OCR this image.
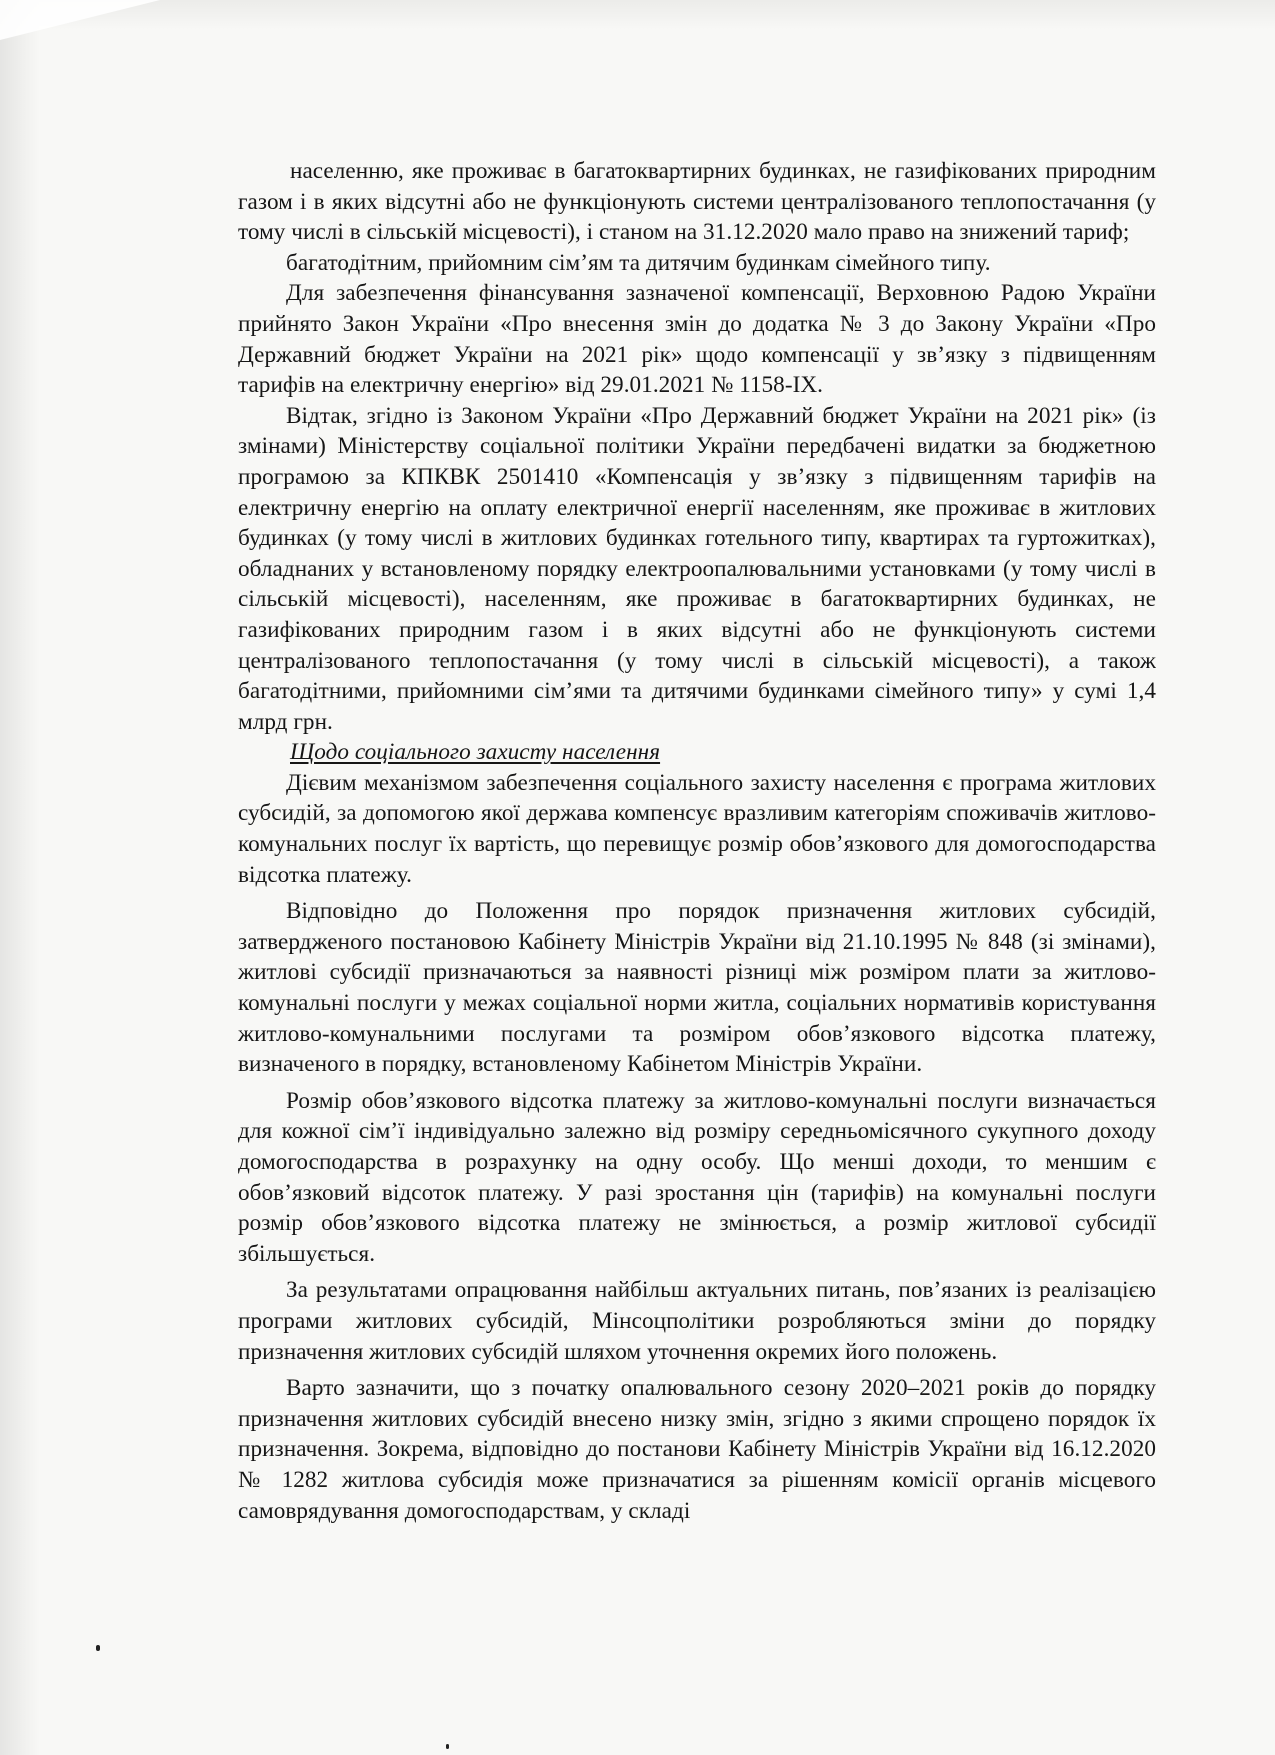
населенню, яке проживає в багатоквартирних будинках, не газифікованих природним газом і в яких відсутні або не функціонують системи централізованого теплопостачання (у тому числі в сільській місцевості), і станом на 31.12.2020 мало право на знижений тариф;

багатодітним, прийомним сім’ям та дитячим будинкам сімейного типу.

Для забезпечення фінансування зазначеної компенсації, Верховною Радою України прийнято Закон України «Про внесення змін до додатка № 3 до Закону України «Про Державний бюджет України на 2021 рік» щодо компенсації у зв’язку з підвищенням тарифів на електричну енергію» від 29.01.2021 № 1158-IX.

Відтак, згідно із Законом України «Про Державний бюджет України на 2021 рік» (із змінами) Міністерству соціальної політики України передбачені видатки за бюджетною програмою за КПКВК 2501410 «Компенсація у зв’язку з підвищенням тарифів на електричну енергію на оплату електричної енергії населенням, яке проживає в житлових будинках (у тому числі в житлових будинках готельного типу, квартирах та гуртожитках), обладнаних у встановленому порядку електроопалювальними установками (у тому числі в сільській місцевості), населенням, яке проживає в багатоквартирних будинках, не газифікованих природним газом і в яких відсутні або не функціонують системи централізованого теплопостачання (у тому числі в сільській місцевості), а також багатодітними, прийомними сім’ями та дитячими будинками сімейного типу» у сумі 1,4 млрд грн.

Щодо соціального захисту населення

Дієвим механізмом забезпечення соціального захисту населення є програма житлових субсидій, за допомогою якої держава компенсує вразливим категоріям споживачів житлово-комунальних послуг їх вартість, що перевищує розмір обов’язкового для домогосподарства відсотка платежу.

Відповідно до Положення про порядок призначення житлових субсидій, затвердженого постановою Кабінету Міністрів України від 21.10.1995 № 848 (зі змінами), житлові субсидії призначаються за наявності різниці між розміром плати за житлово-комунальні послуги у межах соціальної норми житла, соціальних нормативів користування житлово-комунальними послугами та розміром обов’язкового відсотка платежу, визначеного в порядку, встановленому Кабінетом Міністрів України.

Розмір обов’язкового відсотка платежу за житлово-комунальні послуги визначається для кожної сім’ї індивідуально залежно від розміру середньомісячного сукупного доходу домогосподарства в розрахунку на одну особу. Що менші доходи, то меншим є обов’язковий відсоток платежу. У разі зростання цін (тарифів) на комунальні послуги розмір обов’язкового відсотка платежу не змінюється, а розмір житлової субсидії збільшується.

За результатами опрацювання найбільш актуальних питань, пов’язаних із реалізацією програми житлових субсидій, Мінсоцполітики розробляються зміни до порядку призначення житлових субсидій шляхом уточнення окремих його положень.

Варто зазначити, що з початку опалювального сезону 2020–2021 років до порядку призначення житлових субсидій внесено низку змін, згідно з якими спрощено порядок їх призначення. Зокрема, відповідно до постанови Кабінету Міністрів України від 16.12.2020 № 1282 житлова субсидія може призначатися за рішенням комісії органів місцевого самоврядування домогосподарствам, у складі
